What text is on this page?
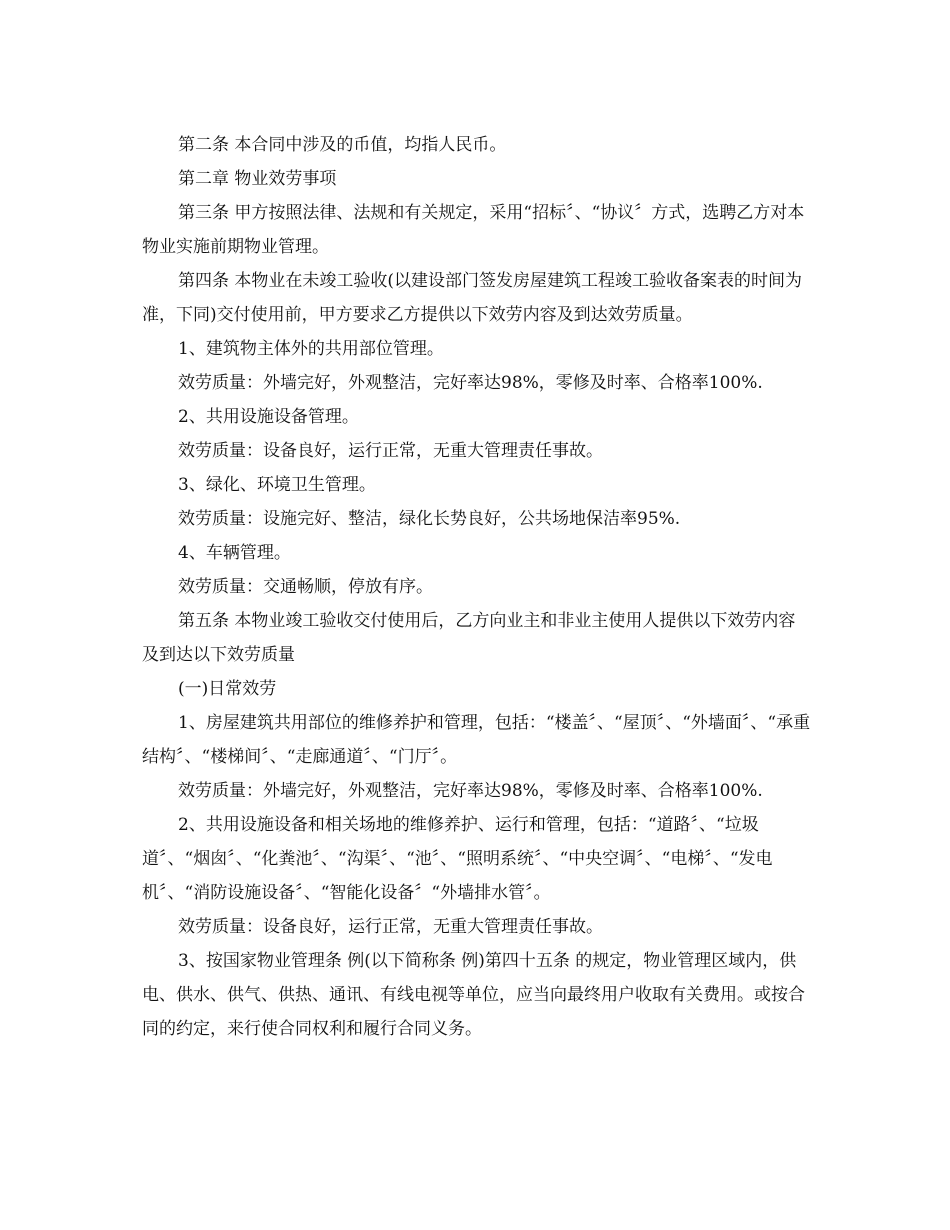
第二条 本合同中涉及的币值，均指人民币。

第二章 物业效劳事项

第三条 甲方按照法律、法规和有关规定，采用“招标〞、“协议〞方式，选聘乙方对本物业实施前期物业管理。

第四条 本物业在未竣工验收(以建设部门签发房屋建筑工程竣工验收备案表的时间为准，下同)交付使用前，甲方要求乙方提供以下效劳内容及到达效劳质量。

1、建筑物主体外的共用部位管理。

效劳质量：外墙完好，外观整洁，完好率达98%，零修及时率、合格率100%.

2、共用设施设备管理。

效劳质量：设备良好，运行正常，无重大管理责任事故。

3、绿化、环境卫生管理。

效劳质量：设施完好、整洁，绿化长势良好，公共场地保洁率95%.

4、车辆管理。

效劳质量：交通畅顺，停放有序。

第五条 本物业竣工验收交付使用后，乙方向业主和非业主使用人提供以下效劳内容及到达以下效劳质量

(一)日常效劳

1、房屋建筑共用部位的维修养护和管理，包括：“楼盖〞、“屋顶〞、“外墙面〞、“承重结构〞、“楼梯间〞、“走廊通道〞、“门厅〞。

效劳质量：外墙完好，外观整洁，完好率达98%，零修及时率、合格率100%.

2、共用设施设备和相关场地的维修养护、运行和管理，包括：“道路〞、“垃圾道〞、“烟囱〞、“化粪池〞、“沟渠〞、“池〞、“照明系统〞、“中央空调〞、“电梯〞、“发电机〞、“消防设施设备〞、“智能化设备〞“外墙排水管〞。

效劳质量：设备良好，运行正常，无重大管理责任事故。

3、按国家物业管理条 例(以下简称条 例)第四十五条 的规定，物业管理区域内，供电、供水、供气、供热、通讯、有线电视等单位，应当向最终用户收取有关费用。或按合同的约定，来行使合同权利和履行合同义务。
